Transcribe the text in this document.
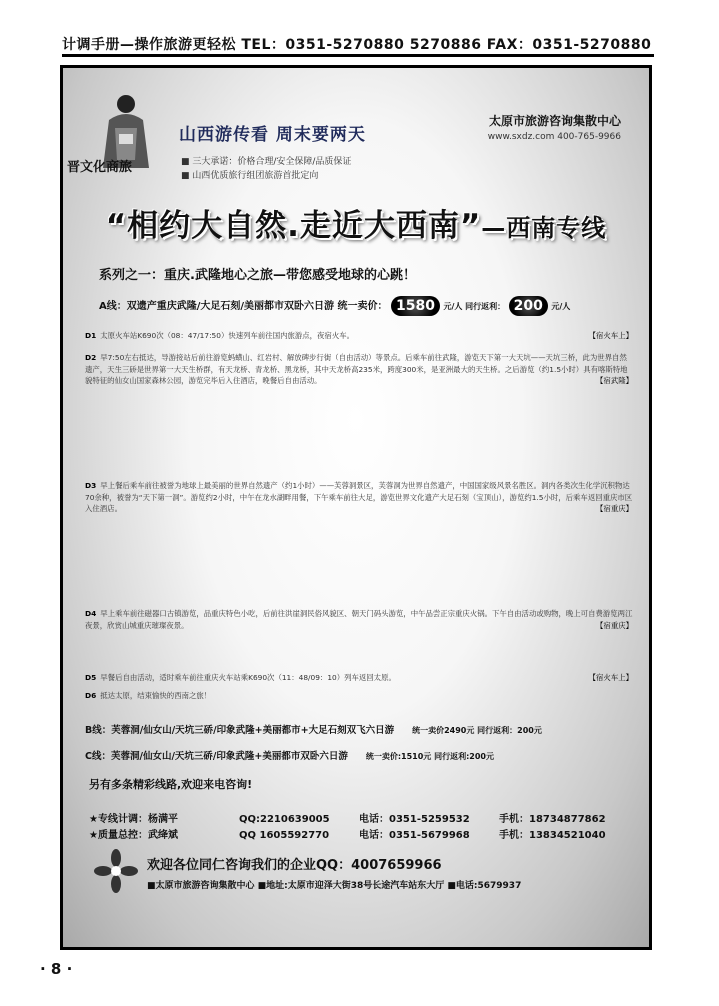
计调手册—操作旅游更轻松 TEL：0351-5270880 5270886 FAX：0351-5270880
晋文化商旅
山西游传看 周末要两天
■ 三大承诺：价格合理/安全保障/品质保证
■ 山西优质旅行组团旅游首批定向
太原市旅游咨询集散中心
www.sxdz.com 400-765-9966
“相约大自然.走近大西南”—西南专线
系列之一：重庆.武隆地心之旅—带您感受地球的心跳！
A线：双遗产重庆武隆/大足石刻/美丽都市双卧六日游 统一卖价： 1580 元/人 同行返利： 200 元/人
【宿火车上】
D1 太原火车站K690次（08：47/17:50）快速列车前往国内旅游点，夜宿火车。
D2 早7:50左右抵达，导游接站后前往游览蚂蟥山、红岩村、解放碑步行街（自由活动）等景点。后乘车前往武隆，游览天下第一大天坑——天坑三桥，此为世界自然遗产，天生三硚是世界第一大天生桥群，有天龙桥、青龙桥、黑龙桥，其中天龙桥高235米，跨度300米，是亚洲最大的天生桥。之后游览（约1.5小时）具有喀斯特地貌特征的仙女山国家森林公园，游览完毕后入住酒店，晚餐后自由活动。	【宿武隆】
D3 早上餐后乘车前往被誉为地球上最美丽的世界自然遗产（约1小时）——芙蓉洞景区，芙蓉洞为世界自然遗产，中国国家级风景名胜区。洞内各类次生化学沉积物达70余种，被誉为“天下第一洞”。游览约2小时，中午在龙水湖畔用餐，下午乘车前往大足，游览世界文化遗产大足石刻（宝顶山），游览约1.5小时，后乘车返回重庆市区入住酒店。	【宿重庆】
D4 早上乘车前往磁器口古镇游览，品重庆特色小吃，后前往洪崖洞民俗风貌区、朝天门码头游览，中午品尝正宗重庆火锅。下午自由活动或购物，晚上可自费游览两江夜景，欣赏山城重庆璀璨夜景。	【宿重庆】
【宿火车上】
D5 早餐后自由活动，适时乘车前往重庆火车站乘K690次（11：48/09：10）列车返回太原。
D6 抵达太原，结束愉快的西南之旅！
B线：芙蓉洞/仙女山/天坑三硚/印象武隆+美丽都市+大足石刻双飞六日游 统一卖价2490元 同行返利：200元
C线：芙蓉洞/仙女山/天坑三硚/印象武隆+美丽都市双卧六日游 统一卖价:1510元 同行返利:200元
另有多条精彩线路,欢迎来电咨询!
★专线计调：杨满平	QQ:2210639005	电话：0351-5259532	手机：18734877862
★质量总控：武绛斌	QQ 1605592770	电话：0351-5679968	手机：13834521040
欢迎各位同仁咨询我们的企业QQ：4007659966
■太原市旅游咨询集散中心 ■地址:太原市迎泽大街38号长途汽车站东大厅 ■电话:5679937
· 8 ·
